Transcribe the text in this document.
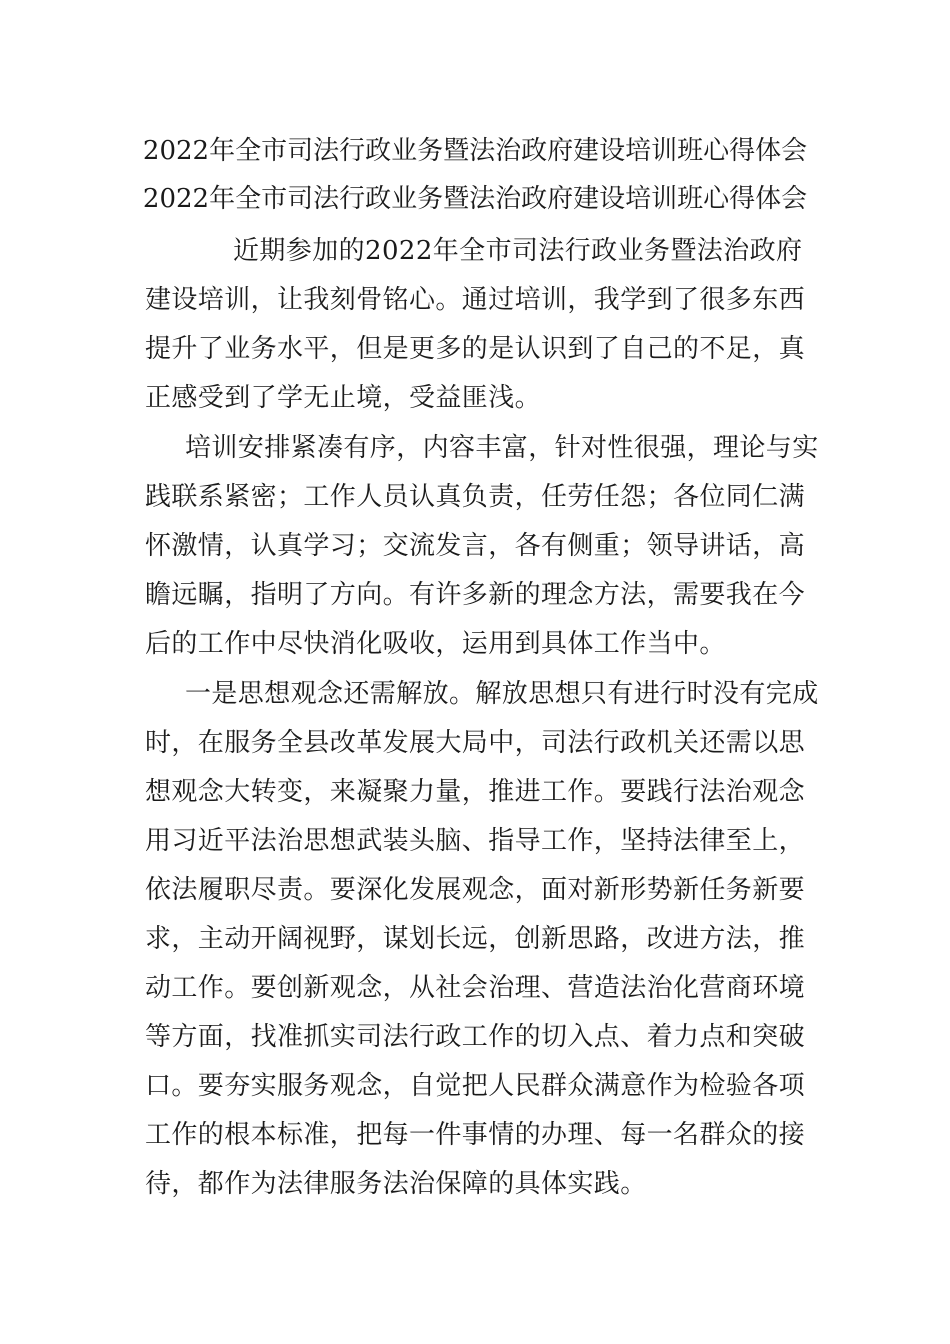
2022年全市司法行政业务暨法治政府建设培训班心得体会
2022年全市司法行政业务暨法治政府建设培训班心得体会

近期参加的2022年全市司法行政业务暨法治政府

建设培训，让我刻骨铭心。通过培训，我学到了很多东西

提升了业务水平，但是更多的是认识到了自己的不足，真

正感受到了学无止境，受益匪浅。

培训安排紧凑有序，内容丰富，针对性很强，理论与实

践联系紧密；工作人员认真负责，任劳任怨；各位同仁满

怀激情，认真学习；交流发言，各有侧重；领导讲话，高

瞻远瞩，指明了方向。有许多新的理念方法，需要我在今

后的工作中尽快消化吸收，运用到具体工作当中。

一是思想观念还需解放。解放思想只有进行时没有完成

时，在服务全县改革发展大局中，司法行政机关还需以思

想观念大转变，来凝聚力量，推进工作。要践行法治观念

用习近平法治思想武装头脑、指导工作，坚持法律至上，

依法履职尽责。要深化发展观念，面对新形势新任务新要

求，主动开阔视野，谋划长远，创新思路，改进方法，推

动工作。要创新观念，从社会治理、营造法治化营商环境

等方面，找准抓实司法行政工作的切入点、着力点和突破

口。要夯实服务观念，自觉把人民群众满意作为检验各项

工作的根本标准，把每一件事情的办理、每一名群众的接

待，都作为法律服务法治保障的具体实践。
